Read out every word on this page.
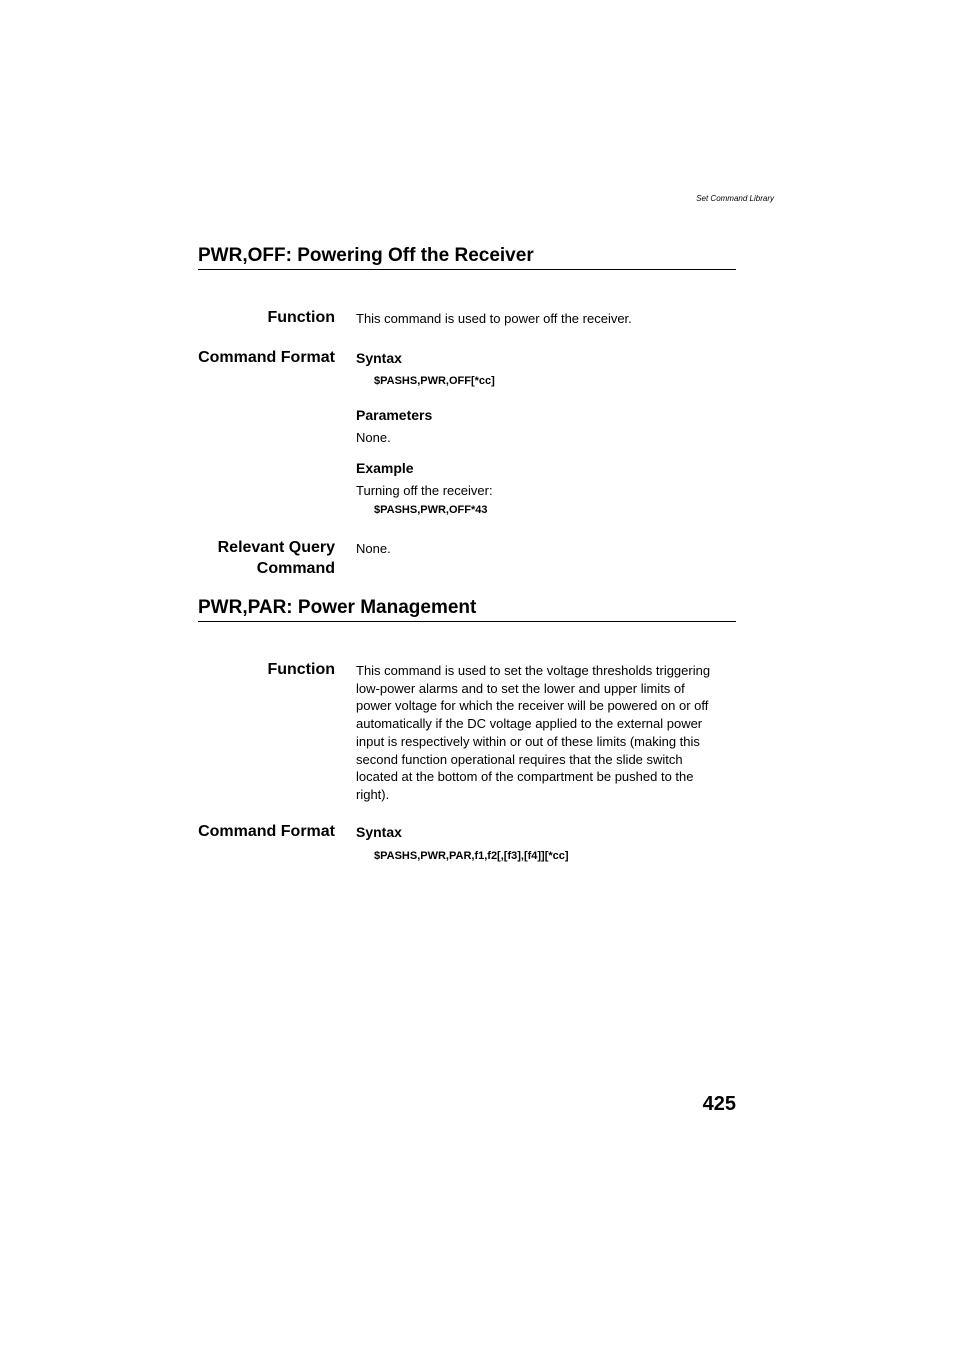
Set Command Library
PWR,OFF: Powering Off the Receiver
Function This command is used to power off the receiver.
Command Format Syntax
$PASHS,PWR,OFF[*cc]
Parameters
None.
Example
Turning off the receiver:
$PASHS,PWR,OFF*43
Relevant Query
Command
None.
PWR,PAR: Power Management
Function This command is used to set the voltage thresholds triggering
low-power alarms and to set the lower and upper limits of
power voltage for which the receiver will be powered on or off
automatically if the DC voltage applied to the external power
input is respectively within or out of these limits (making this
second function operational requires that the slide switch
located at the bottom of the compartment be pushed to the
right).
Command Format Syntax
$PASHS,PWR,PAR,f1,f2[,[f3],[f4]][*cc]
425
